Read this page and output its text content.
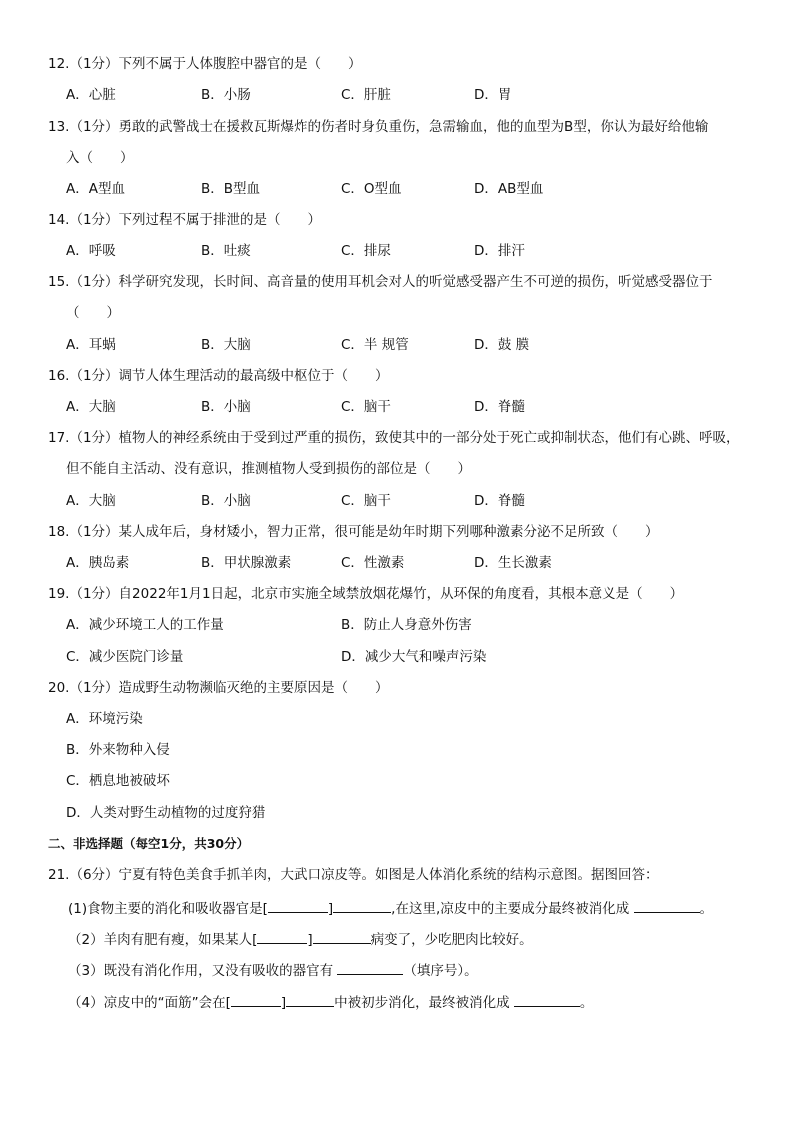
12.（1分）下列不属于人体腹腔中器官的是（　　）
A．心脏	B．小肠	C．肝脏	D．胃
13.（1分）勇敢的武警战士在援救瓦斯爆炸的伤者时身负重伤，急需输血，他的血型为B型，你认为最好给他输
入（　　）
A．A型血	B．B型血	C．O型血	D．AB型血
14.（1分）下列过程不属于排泄的是（　　）
A．呼吸	B．吐痰	C．排尿	D．排汗
15.（1分）科学研究发现，长时间、高音量的使用耳机会对人的听觉感受器产生不可逆的损伤，听觉感受器位于
（　　）
A．耳蜗	B．大脑	C．半 规管	D．鼓 膜
16.（1分）调节人体生理活动的最高级中枢位于（　　）
A．大脑	B．小脑	C．脑干	D．脊髓
17.（1分）植物人的神经系统由于受到过严重的损伤，致使其中的一部分处于死亡或抑制状态，他们有心跳、呼吸，
但不能自主活动、没有意识，推测植物人受到损伤的部位是（　　）
A．大脑	B．小脑	C．脑干	D．脊髓
18.（1分）某人成年后，身材矮小，智力正常，很可能是幼年时期下列哪种激素分泌不足所致（　　）
A．胰岛素	B．甲状腺激素	C．性激素	D．生长激素
19.（1分）自2022年1月1日起，北京市实施全域禁放烟花爆竹，从环保的角度看，其根本意义是（　　）
A．减少环境工人的工作量	B．防止人身意外伤害
C．减少医院门诊量	D．减少大气和噪声污染
20.（1分）造成野生动物濒临灭绝的主要原因是（　　）
A．环境污染
B．外来物种入侵
C．栖息地被破坏
D．人类对野生动植物的过度狩猎
二、非选择题（每空1分，共30分）
21.（6分）宁夏有特色美食手抓羊肉，大武口凉皮等。如图是人体消化系统的结构示意图。据图回答：
(1)食物主要的消化和吸收器官是[	]	,在这里,凉皮中的主要成分最终被消化成	。
（2）羊肉有肥有瘦，如果某人[	]	病变了，少吃肥肉比较好。
（3）既没有消化作用，又没有吸收的器官有	（填序号）。
（4）凉皮中的“面筋”会在[	]	中被初步消化，最终被消化成	。
